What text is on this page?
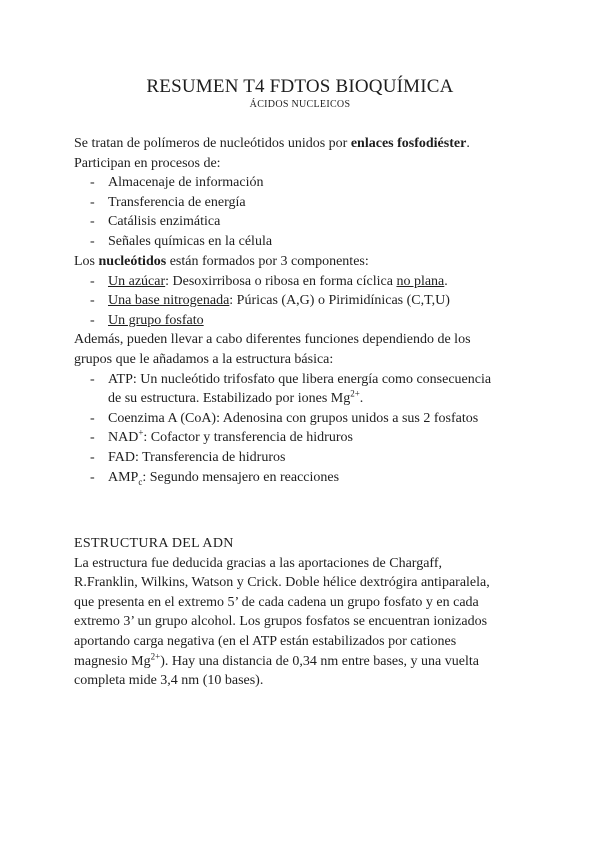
RESUMEN T4 FDTOS BIOQUÍMICA
ÁCIDOS NUCLEICOS
Se tratan de polímeros de nucleótidos unidos por enlaces fosfodiéster.
Participan en procesos de:
- Almacenaje de información
- Transferencia de energía
- Catálisis enzimática
- Señales químicas en la célula
Los nucleótidos están formados por 3 componentes:
- Un azúcar: Desoxirribosa o ribosa en forma cíclica no plana.
- Una base nitrogenada: Púricas (A,G) o Pirimidínicas (C,T,U)
- Un grupo fosfato
Además, pueden llevar a cabo diferentes funciones dependiendo de los
grupos que le añadamos a la estructura básica:
- ATP: Un nucleótido trifosfato que libera energía como consecuencia
de su estructura. Estabilizado por iones $Mg^{2+}$.
- Coenzima A (CoA): Adenosina con grupos unidos a sus 2 fosfatos
- NAD+: Cofactor y transferencia de hidruros
- FAD: Transferencia de hidruros
- $AMP_c$: Segundo mensajero en reacciones
ESTRUCTURA DEL ADN
La estructura fue deducida gracias a las aportaciones de Chargaff,
R.Franklin, Wilkins, Watson y Crick. Doble hélice dextrógira antiparalela,
que presenta en el extremo 5’ de cada cadena un grupo fosfato y en cada
extremo 3’ un grupo alcohol. Los grupos fosfatos se encuentran ionizados
aportando carga negativa (en el ATP están estabilizados por cationes
magnesio $Mg^{2+}$). Hay una distancia de 0,34 nm entre bases, y una vuelta
completa mide 3,4 nm (10 bases).
